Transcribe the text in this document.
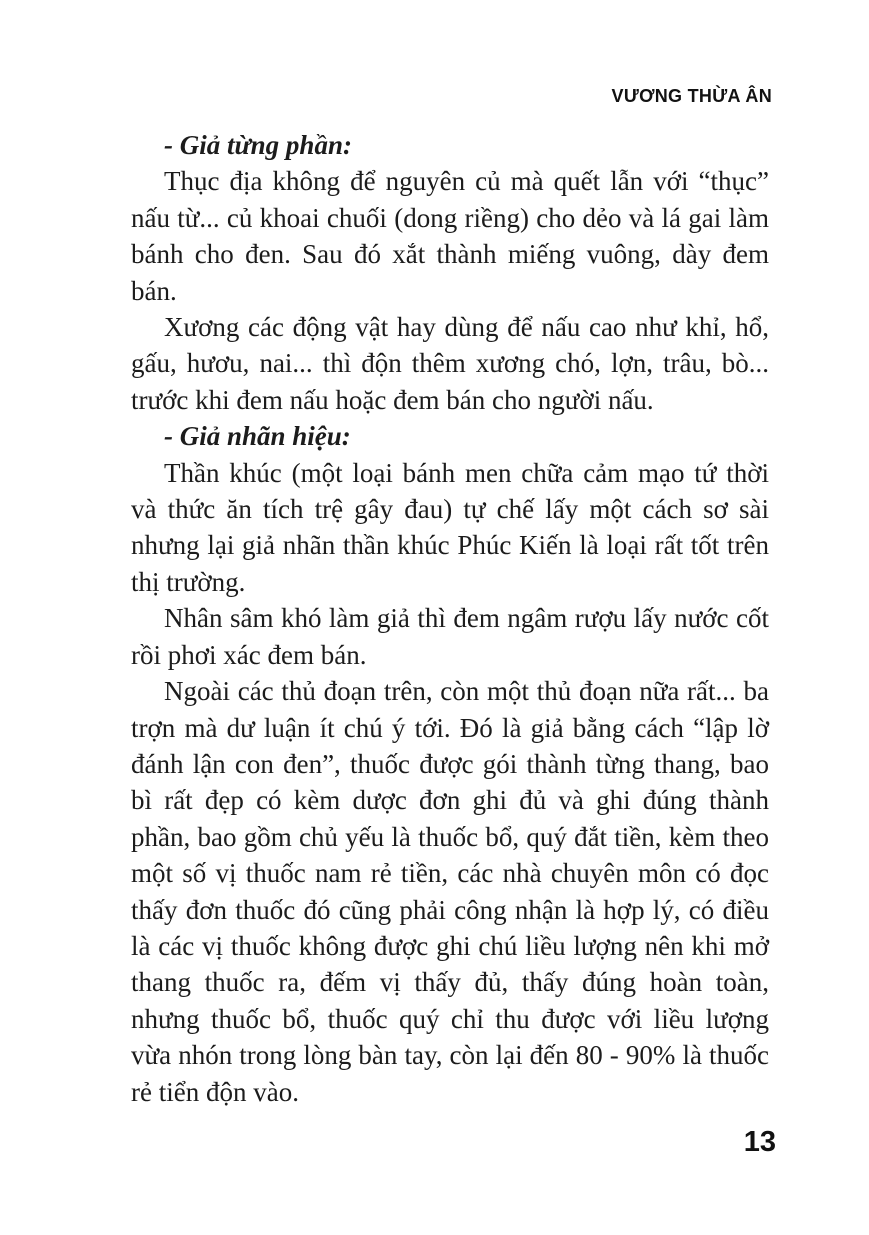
VƯƠNG THỪA ÂN

- Giả từng phần:

Thục địa không để nguyên củ mà quết lẫn với “thục” nấu từ... củ khoai chuối (dong riềng) cho dẻo và lá gai làm bánh cho đen. Sau đó xắt thành miếng vuông, dày đem bán.

Xương các động vật hay dùng để nấu cao như khỉ, hổ, gấu, hươu, nai... thì độn thêm xương chó, lợn, trâu, bò... trước khi đem nấu hoặc đem bán cho người nấu.

- Giả nhãn hiệu:

Thần khúc (một loại bánh men chữa cảm mạo tứ thời và thức ăn tích trệ gây đau) tự chế lấy một cách sơ sài nhưng lại giả nhãn thần khúc Phúc Kiến là loại rất tốt trên thị trường.

Nhân sâm khó làm giả thì đem ngâm rượu lấy nước cốt rồi phơi xác đem bán.

Ngoài các thủ đoạn trên, còn một thủ đoạn nữa rất... ba trợn mà dư luận ít chú ý tới. Đó là giả bằng cách “lập lờ đánh lận con đen”, thuốc được gói thành từng thang, bao bì rất đẹp có kèm dược đơn ghi đủ và ghi đúng thành phần, bao gồm chủ yếu là thuốc bổ, quý đắt tiền, kèm theo một số vị thuốc nam rẻ tiền, các nhà chuyên môn có đọc thấy đơn thuốc đó cũng phải công nhận là hợp lý, có điều là các vị thuốc không được ghi chú liều lượng nên khi mở thang thuốc ra, đếm vị thấy đủ, thấy đúng hoàn toàn, nhưng thuốc bổ, thuốc quý chỉ thu được với liều lượng vừa nhón trong lòng bàn tay, còn lại đến 80 - 90% là thuốc rẻ tiển độn vào.

13
